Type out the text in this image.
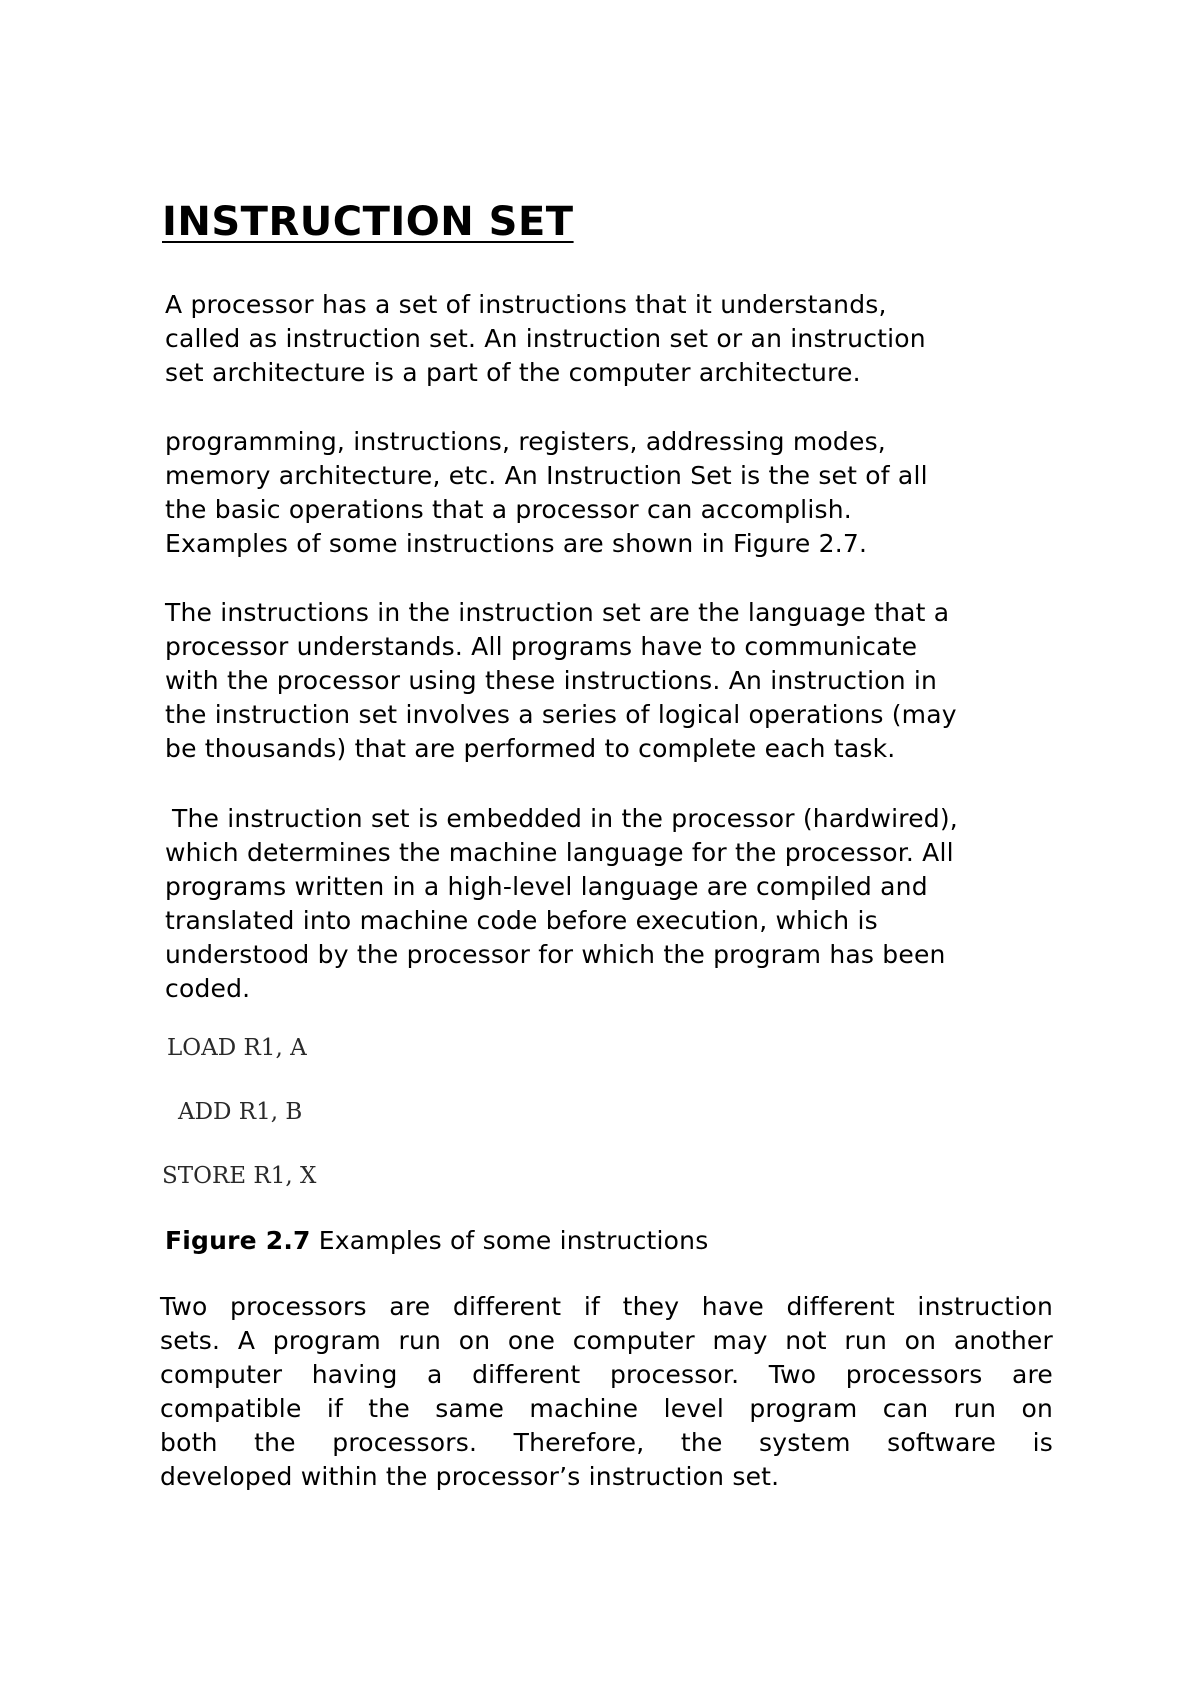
INSTRUCTION SET

A processor has a set of instructions that it understands,
called as instruction set. An instruction set or an instruction
set architecture is a part of the computer architecture.

programming, instructions, registers, addressing modes,
memory architecture, etc. An Instruction Set is the set of all
the basic operations that a processor can accomplish.
Examples of some instructions are shown in Figure 2.7.

The instructions in the instruction set are the language that a
processor understands. All programs have to communicate
with the processor using these instructions. An instruction in
the instruction set involves a series of logical operations (may
be thousands) that are performed to complete each task.

The instruction set is embedded in the processor (hardwired),
which determines the machine language for the processor. All
programs written in a high-level language are compiled and
translated into machine code before execution, which is
understood by the processor for which the program has been
coded.

LOAD R1, A

ADD R1, B

STORE R1, X

Figure 2.7 Examples of some instructions

Two processors are different if they have different instruction
sets. A program run on one computer may not run on another
computer having a different processor. Two processors are
compatible if the same machine level program can run on
both the processors. Therefore, the system software is
developed within the processor’s instruction set.
